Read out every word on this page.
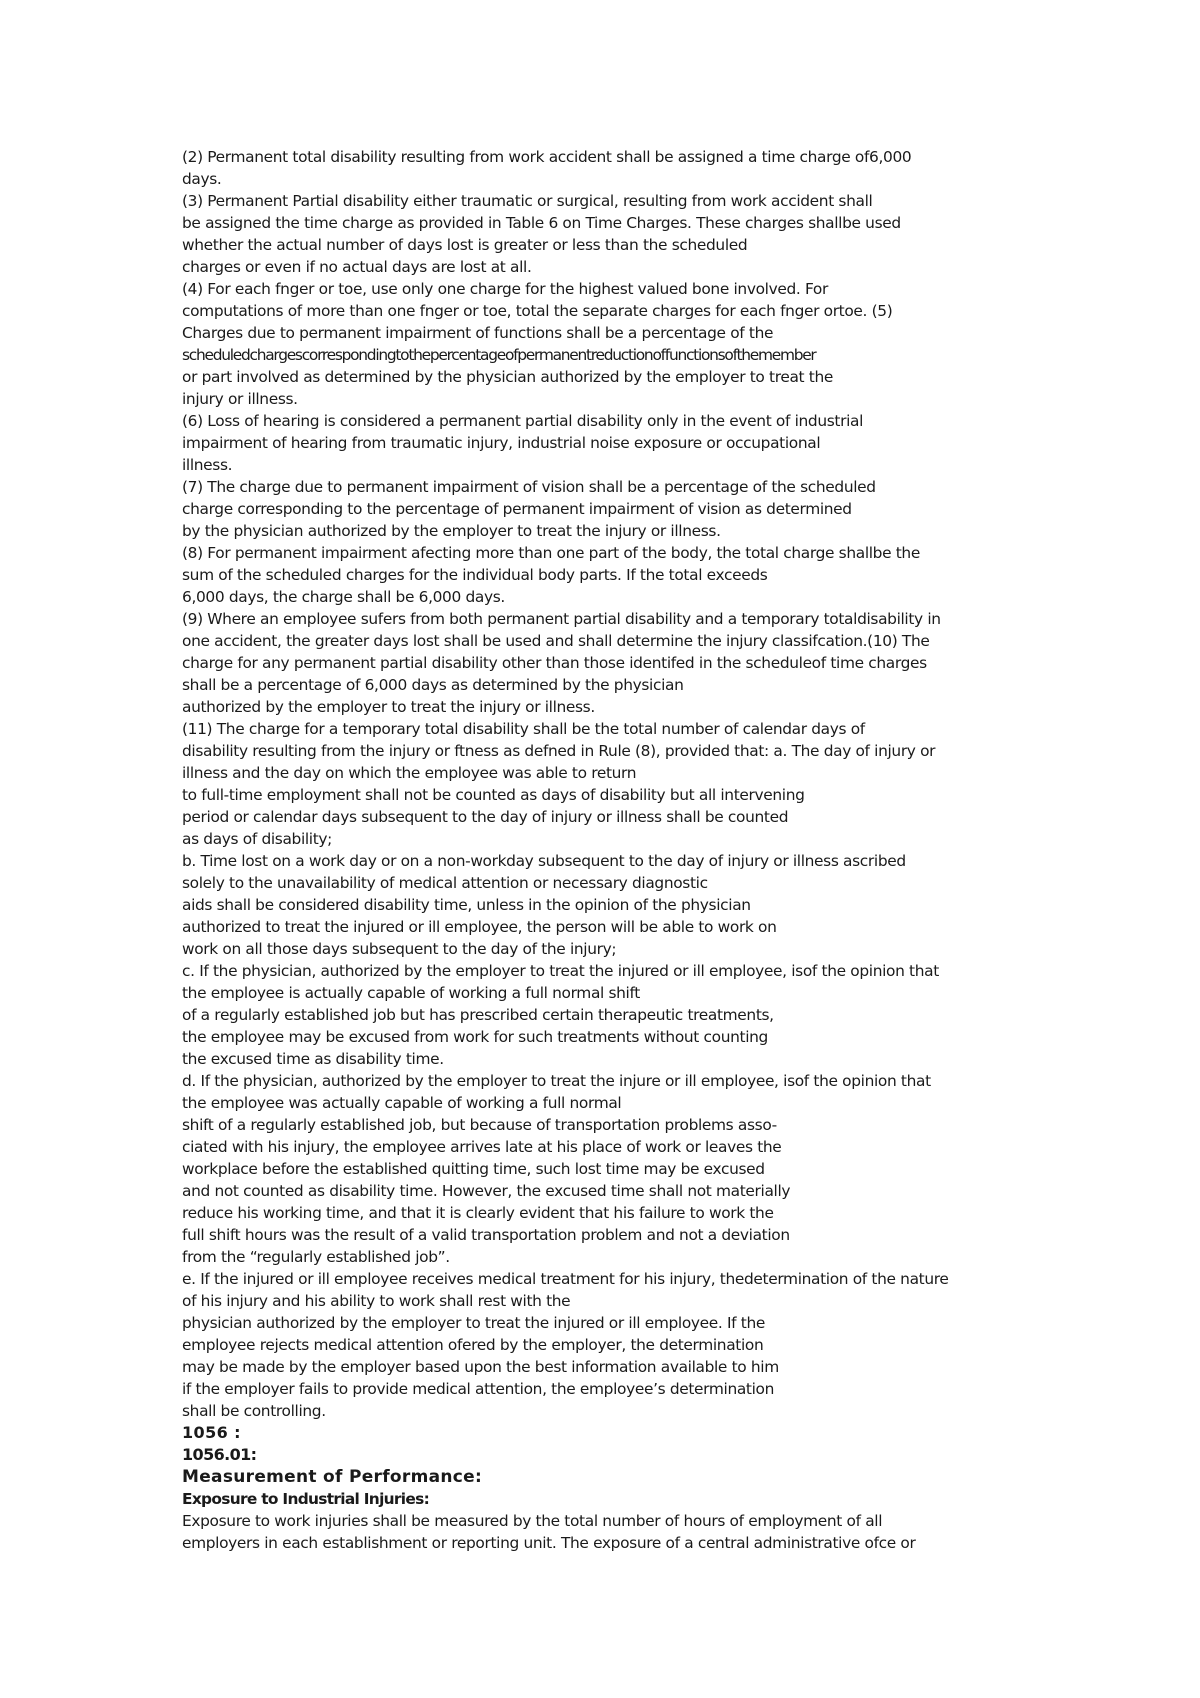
(2) Permanent total disability resulting from work accident shall be assigned a time charge of6,000
days.
(3) Permanent Partial disability either traumatic or surgical, resulting from work accident shall
be assigned the time charge as provided in Table 6 on Time Charges. These charges shallbe used
whether the actual number of days lost is greater or less than the scheduled
charges or even if no actual days are lost at all.
(4) For each fnger or toe, use only one charge for the highest valued bone involved. For
computations of more than one fnger or toe, total the separate charges for each fnger ortoe. (5)
Charges due to permanent impairment of functions shall be a percentage of the
scheduledchargescorrespondingtothepercentageofpermanentreductionoffunctionsofthemember
or part involved as determined by the physician authorized by the employer to treat the
injury or illness.
(6) Loss of hearing is considered a permanent partial disability only in the event of industrial
impairment of hearing from traumatic injury, industrial noise exposure or occupational
illness.
(7) The charge due to permanent impairment of vision shall be a percentage of the scheduled
charge corresponding to the percentage of permanent impairment of vision as determined
by the physician authorized by the employer to treat the injury or illness.
(8) For permanent impairment afecting more than one part of the body, the total charge shallbe the
sum of the scheduled charges for the individual body parts. If the total exceeds
6,000 days, the charge shall be 6,000 days.
(9) Where an employee sufers from both permanent partial disability and a temporary totaldisability in
one accident, the greater days lost shall be used and shall determine the injury classifcation.(10) The
charge for any permanent partial disability other than those identifed in the scheduleof time charges
shall be a percentage of 6,000 days as determined by the physician
authorized by the employer to treat the injury or illness.
(11) The charge for a temporary total disability shall be the total number of calendar days of
disability resulting from the injury or ftness as defned in Rule (8), provided that: a. The day of injury or
illness and the day on which the employee was able to return
to full-time employment shall not be counted as days of disability but all intervening
period or calendar days subsequent to the day of injury or illness shall be counted
as days of disability;
b. Time lost on a work day or on a non-workday subsequent to the day of injury or illness ascribed
solely to the unavailability of medical attention or necessary diagnostic
aids shall be considered disability time, unless in the opinion of the physician
authorized to treat the injured or ill employee, the person will be able to work on
work on all those days subsequent to the day of the injury;
c. If the physician, authorized by the employer to treat the injured or ill employee, isof the opinion that
the employee is actually capable of working a full normal shift
of a regularly established job but has prescribed certain therapeutic treatments,
the employee may be excused from work for such treatments without counting
the excused time as disability time.
d. If the physician, authorized by the employer to treat the injure or ill employee, isof the opinion that
the employee was actually capable of working a full normal
shift of a regularly established job, but because of transportation problems asso-
ciated with his injury, the employee arrives late at his place of work or leaves the
workplace before the established quitting time, such lost time may be excused
and not counted as disability time. However, the excused time shall not materially
reduce his working time, and that it is clearly evident that his failure to work the
full shift hours was the result of a valid transportation problem and not a deviation
from the “regularly established job”.
e. If the injured or ill employee receives medical treatment for his injury, thedetermination of the nature
of his injury and his ability to work shall rest with the
physician authorized by the employer to treat the injured or ill employee. If the
employee rejects medical attention ofered by the employer, the determination
may be made by the employer based upon the best information available to him
if the employer fails to provide medical attention, the employee’s determination
shall be controlling.
1056 :
1056.01:
Measurement of Performance:
Exposure to Industrial Injuries:
Exposure to work injuries shall be measured by the total number of hours of employment of all
employers in each establishment or reporting unit. The exposure of a central administrative ofce or
